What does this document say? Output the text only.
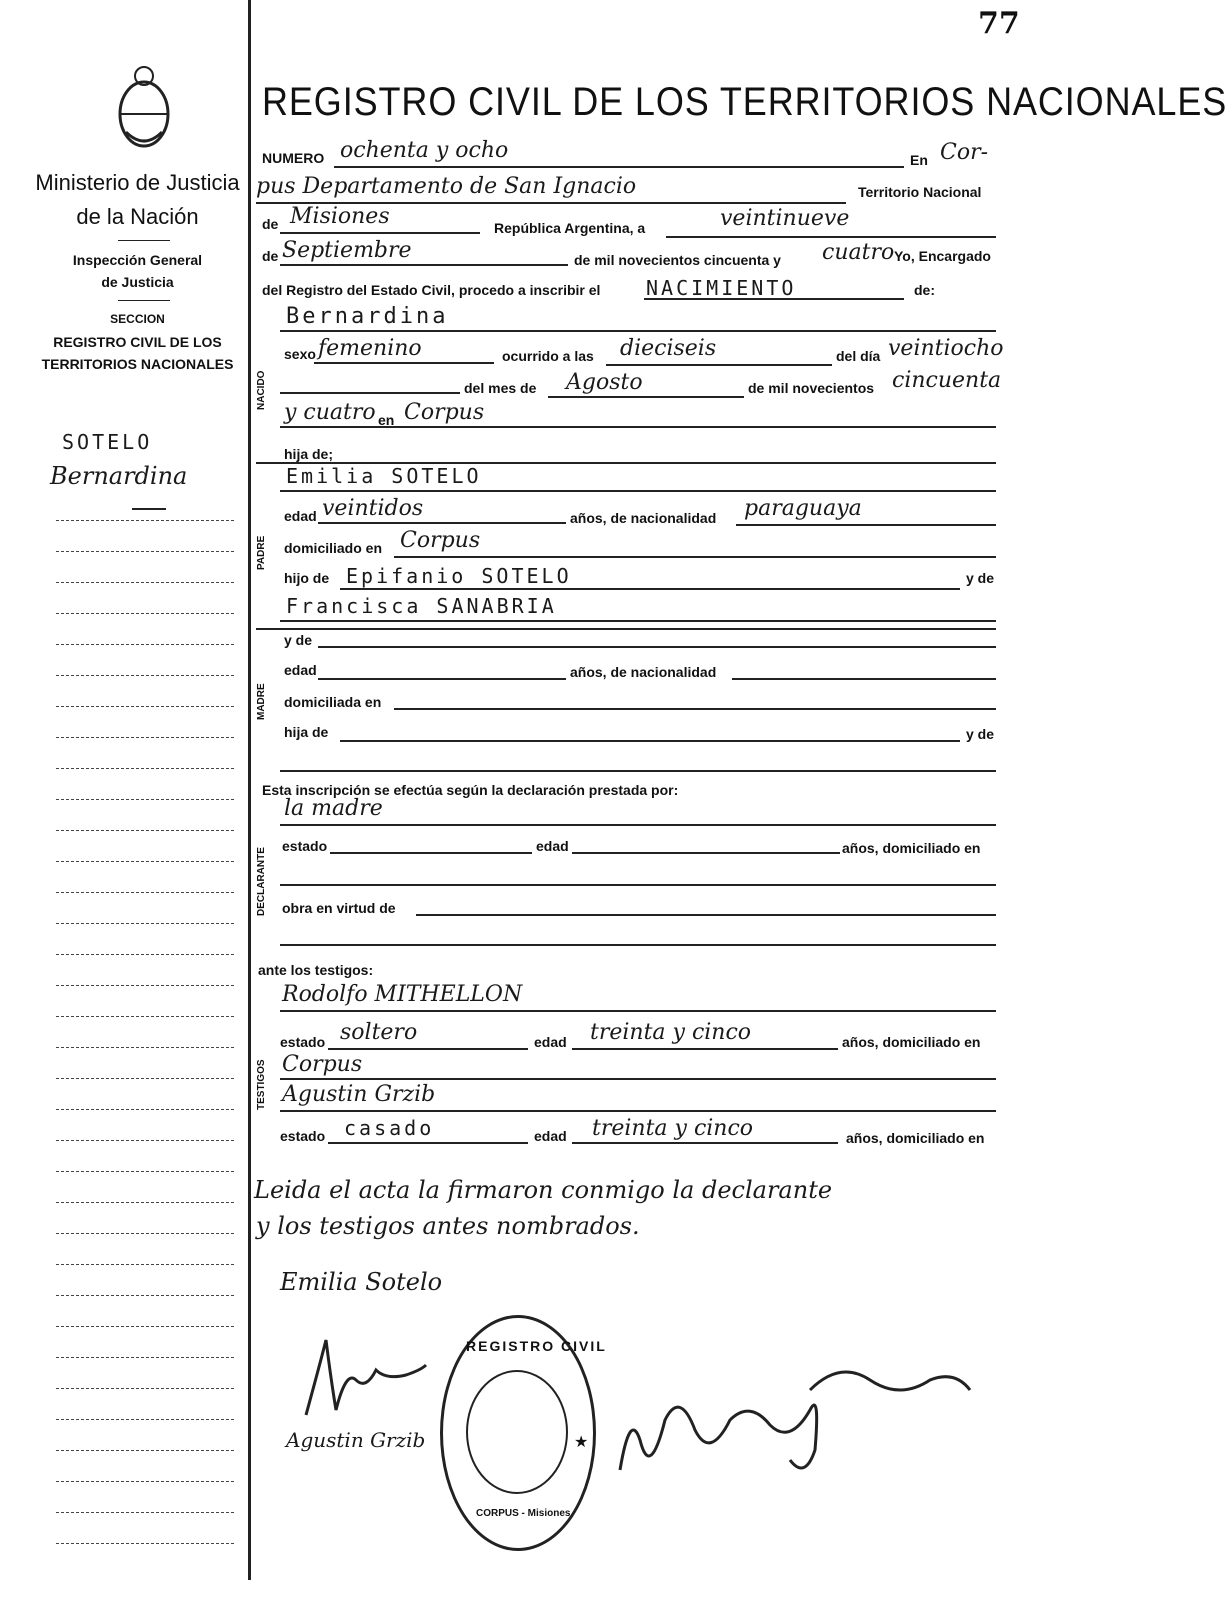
77
Ministerio de Justicia
de la Nación
Inspección General
de Justicia
SECCION
REGISTRO CIVIL DE LOS
TERRITORIOS NACIONALES
SOTELO
Bernardina
REGISTRO CIVIL DE LOS TERRITORIOS NACIONALES
NUMERO ochenta y ocho	En Cor-
pus Departamento de San Ignacio	Territorio Nacional
de Misiones	República Argentina, a	veintinueve
de Septiembre	de mil novecientos cincuenta y cuatro Yo, Encargado
del Registro del Estado Civil, procedo a inscribir el NACIMIENTO	de:
NACIDO
Bernardina
sexo femenino	ocurrido a las dieciseis	del día veintiocho
del mes de Agosto	de mil novecientos cincuenta
y cuatro en Corpus
hija de;
PADRE
Emilia SOTELO
edad veintidos	años, de nacionalidad paraguaya
domiciliado en Corpus
hijo de Epifanio SOTELO	y de
Francisca SANABRIA
MADRE
y de
edad	años, de nacionalidad
domiciliada en
hija de	y de
Esta inscripción se efectúa según la declaración prestada por:
DECLARANTE
la madre
estado	edad	años, domiciliado en
obra en virtud de
ante los testigos:
TESTIGOS
Rodolfo MITHELLON
estado soltero	edad treinta y cinco	años, domiciliado en
Corpus
Agustin Grzib
estado casado	edad treinta y cinco	años, domiciliado en
Leida el acta la firmaron conmigo la declarante
y los testigos antes nombrados.
Emilia Sotelo
Agustin Grzib
REGISTRO CIVIL
CORPUS - Misiones
★
